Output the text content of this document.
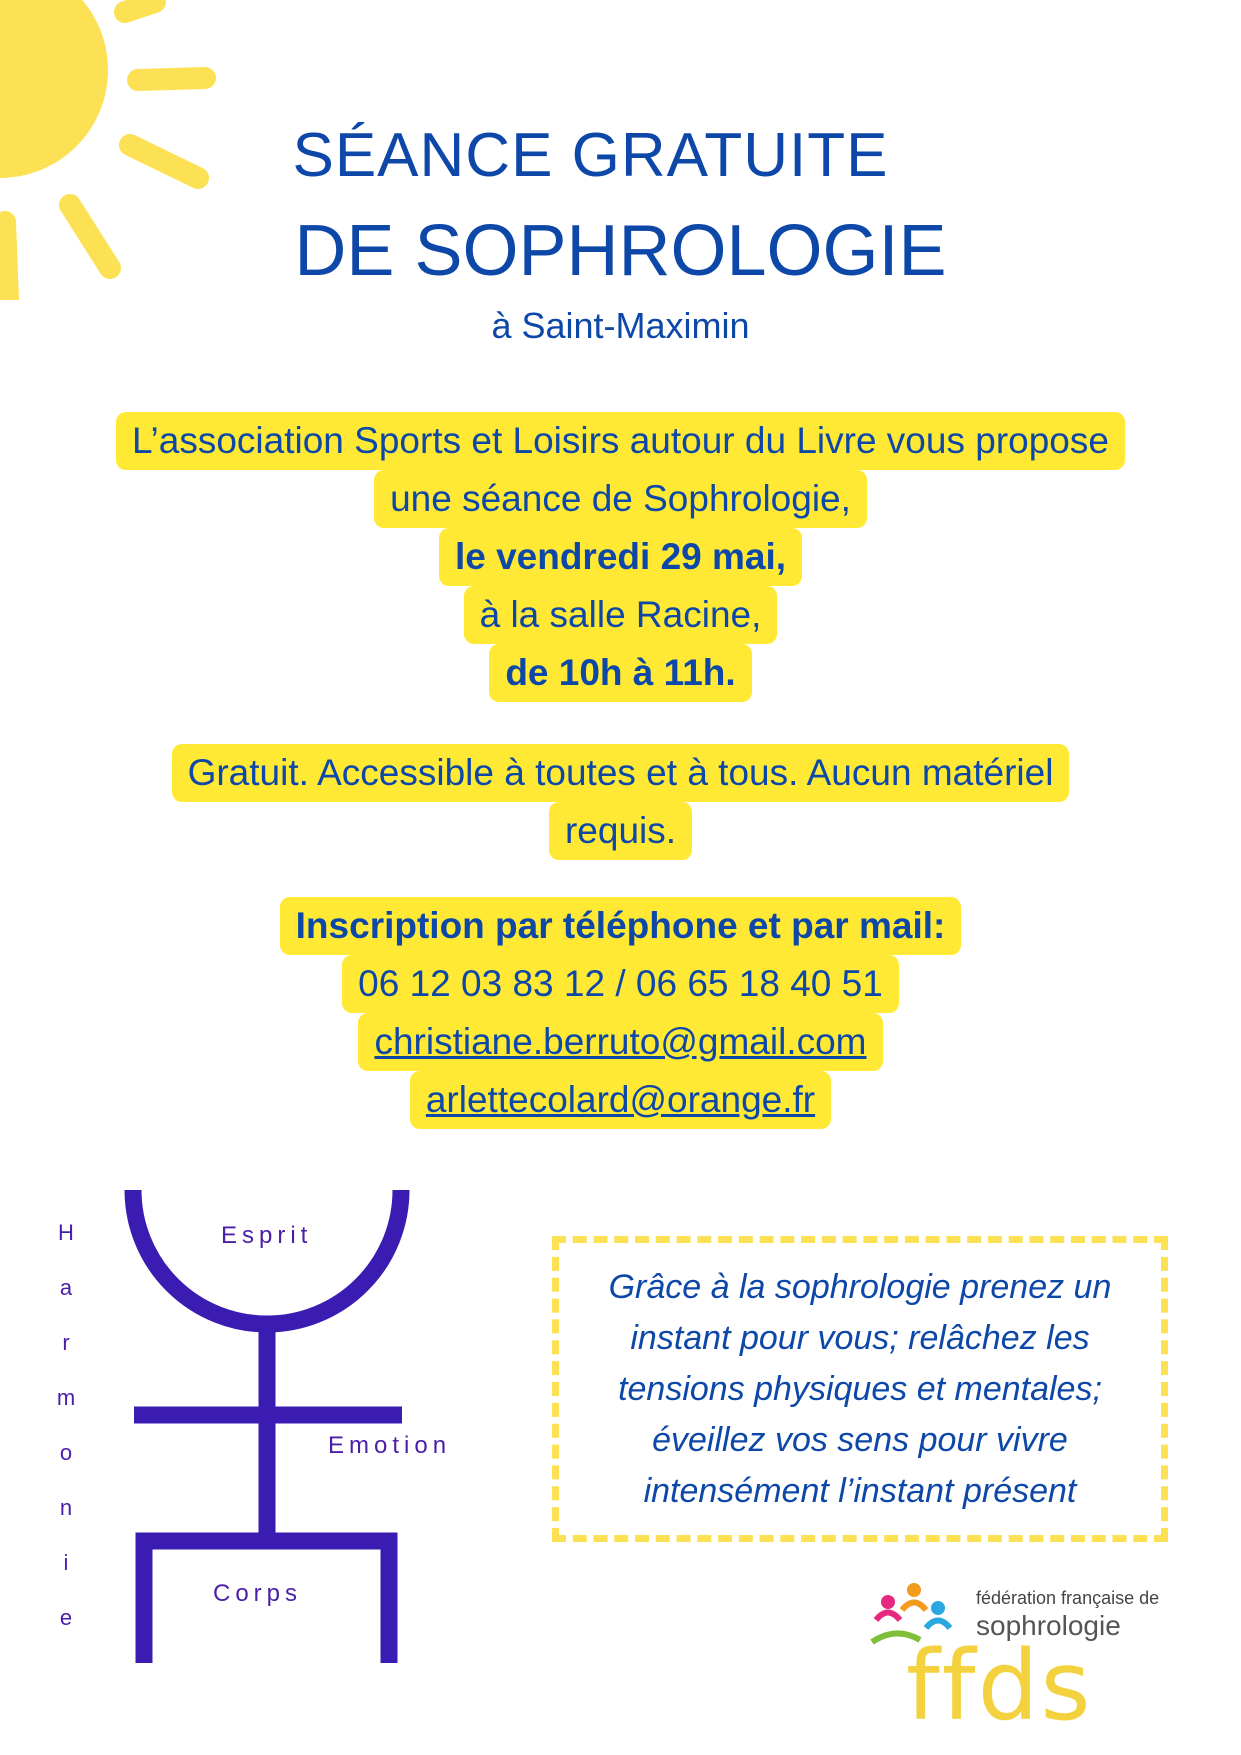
SÉANCE GRATUITE
DE SOPHROLOGIE
à Saint-Maximin
L’association Sports et Loisirs autour du Livre vous propose
une séance de Sophrologie,
le vendredi 29 mai,
à la salle Racine,
de 10h à 11h.
Gratuit. Accessible à toutes et à tous. Aucun matériel
requis.
Inscription par téléphone et par mail:
06 12 03 83 12 / 06 65 18 40 51
christiane.berruto@gmail.com
arlettecolard@orange.fr
H
a
r
m
o
n
i
e
Esprit
Emotion
Corps

Grâce à la sophrologie prenez un
instant pour vous; relâchez les
tensions physiques et mentales;
éveillez vos sens pour vivre
intensément l’instant présent

fédération française de
sophrologie
ffds
